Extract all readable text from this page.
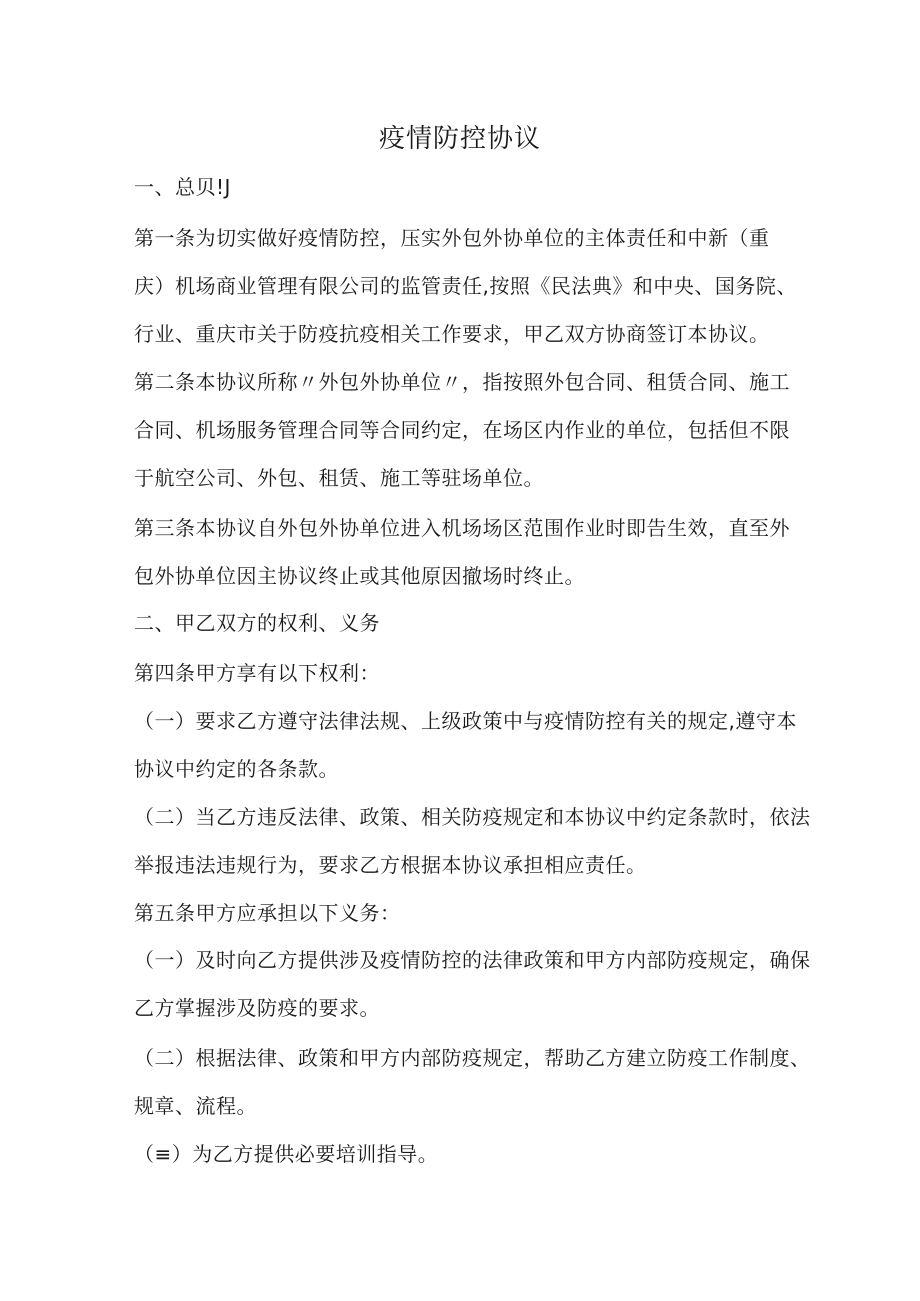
疫情防控协议

一、总贝!J

第一条为切实做好疫情防控，压实外包外协单位的主体责任和中新（重

庆）机场商业管理有限公司的监管责任,按照《民法典》和中央、国务院、

行业、重庆市关于防疫抗疫相关工作要求，甲乙双方协商签订本协议。

第二条本协议所称〃外包外协单位〃，指按照外包合同、租赁合同、施工

合同、机场服务管理合同等合同约定，在场区内作业的单位，包括但不限

于航空公司、外包、租赁、施工等驻场单位。

第三条本协议自外包外协单位进入机场场区范围作业时即告生效，直至外

包外协单位因主协议终止或其他原因撤场时终止。

二、甲乙双方的权利、义务

第四条甲方享有以下权利：

（一）要求乙方遵守法律法规、上级政策中与疫情防控有关的规定,遵守本

协议中约定的各条款。

（二）当乙方违反法律、政策、相关防疫规定和本协议中约定条款时，依法

举报违法违规行为，要求乙方根据本协议承担相应责任。

第五条甲方应承担以下义务：

（一）及时向乙方提供涉及疫情防控的法律政策和甲方内部防疫规定，确保

乙方掌握涉及防疫的要求。

（二）根据法律、政策和甲方内部防疫规定，帮助乙方建立防疫工作制度、

规章、流程。

（≡）为乙方提供必要培训指导。
